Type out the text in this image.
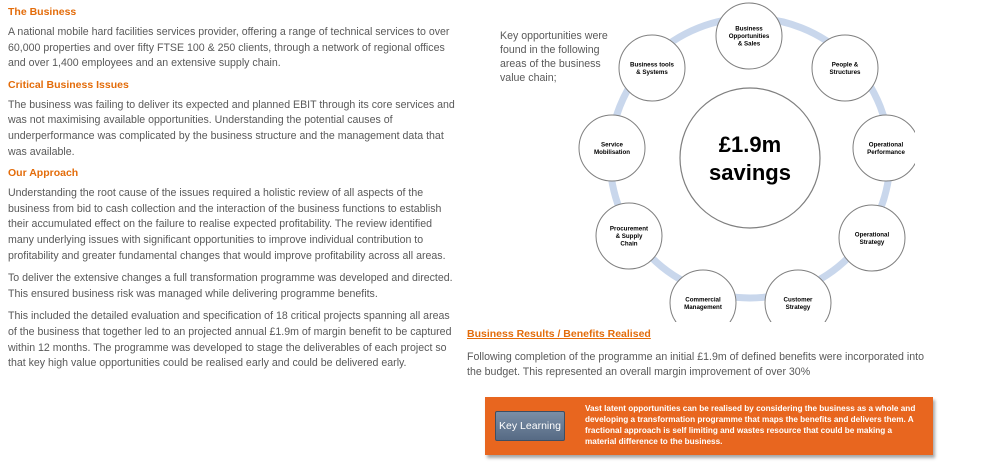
The Business

A national mobile hard facilities services provider, offering a range of technical services to over 60,000 properties and over fifty FTSE 100 & 250 clients, through a network of regional offices and over 1,400 employees and an extensive supply chain.

Critical Business Issues

The business was failing to deliver its expected and planned EBIT through its core services and was not maximising available opportunities. Understanding the potential causes of underperformance was complicated by the business structure and the management data that was available.

Our Approach

Understanding the root cause of the issues required a holistic review of all aspects of the business from bid to cash collection and the interaction of the business functions to establish their accumulated effect on the failure to realise expected profitability. The review identified many underlying issues with significant opportunities to improve individual contribution to profitability and greater fundamental changes that would improve profitability across all areas.

To deliver the extensive changes a full transformation programme was developed and directed. This ensured business risk was managed while delivering programme benefits.

This included the detailed evaluation and specification of 18 critical projects spanning all areas of the business that together led to an projected annual £1.9m of margin benefit to be captured within 12 months. The programme was developed to stage the deliverables of each project so that key high value opportunities could be realised early and could be delivered early.

Key opportunities were found in the following areas of the business value chain;
Business
Opportunities
& Sales
People &
Structures
Operational
Performance
Operational
Strategy
Customer
Strategy
Commercial
Management
Procurement
& Supply
Chain
Service
Mobilisation
Business tools
& Systems
£1.9m
savings
Business Results / Benefits Realised
Following completion of the programme an initial £1.9m of defined benefits were incorporated into the budget. This represented an overall margin improvement of over 30%
Key Learning
Vast latent opportunities can be realised by considering the business as a whole and developing a transformation programme that maps the benefits and delivers them. A fractional approach is self limiting and wastes resource that could be making a material difference to the business.
